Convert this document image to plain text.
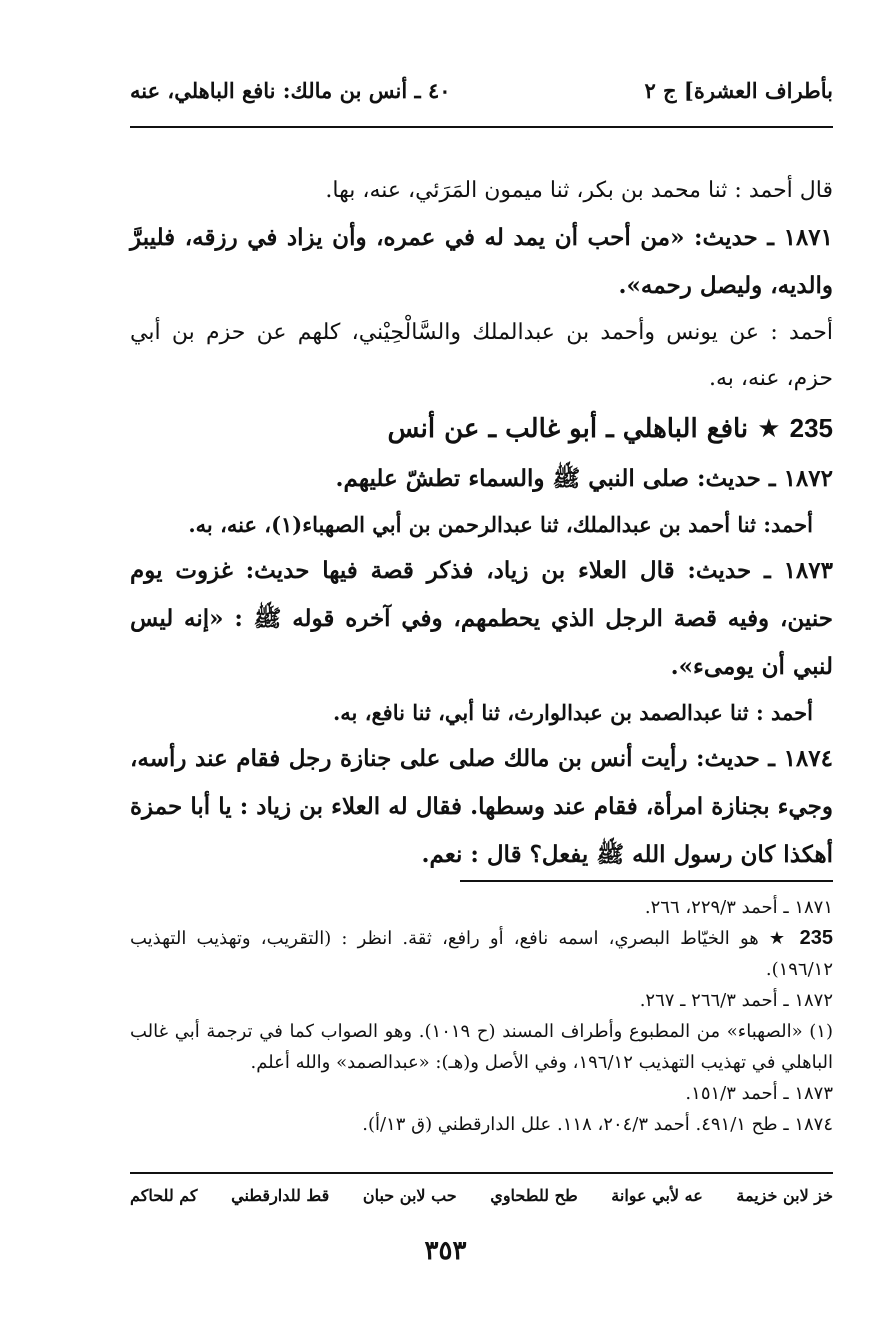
بأطراف العشرة] ج ٢
٤٠ ـ أنس بن مالك: نافع الباهلي، عنه

قال أحمد : ثنا محمد بن بكر، ثنا ميمون المَرَئي، عنه، بها.

١٨٧١ ـ حديث: «من أحب أن يمد له في عمره، وأن يزاد في رزقه، فليبرَّ والديه، وليصل رحمه».

أحمد : عن يونس وأحمد بن عبدالملك والسَّالْحِيْني، كلهم عن حزم بن أبي حزم، عنه، به.

235 ★ نافع الباهلي ـ أبو غالب ـ عن أنس

١٨٧٢ ـ حديث: صلى النبي ﷺ والسماء تطشّ عليهم.

أحمد: ثنا أحمد بن عبدالملك، ثنا عبدالرحمن بن أبي الصهباء(١)، عنه، به.

١٨٧٣ ـ حديث: قال العلاء بن زياد، فذكر قصة فيها حديث: غزوت يوم حنين، وفيه قصة الرجل الذي يحطمهم، وفي آخره قوله ﷺ : «إنه ليس لنبي أن يومىء».

أحمد : ثنا عبدالصمد بن عبدالوارث، ثنا أبي، ثنا نافع، به.

١٨٧٤ ـ حديث: رأيت أنس بن مالك صلى على جنازة رجل فقام عند رأسه، وجيء بجنازة امرأة، فقام عند وسطها. فقال له العلاء بن زياد : يا أبا حمزة أهكذا كان رسول الله ﷺ يفعل؟ قال : نعم.

١٨٧١ ـ أحمد ٢٢٩/٣، ٢٦٦.

235 ★ هو الخيّاط البصري، اسمه نافع، أو رافع، ثقة. انظر : (التقريب، وتهذيب التهذيب ١٩٦/١٢).

١٨٧٢ ـ أحمد ٢٦٦/٣ ـ ٢٦٧.

(١) «الصهباء» من المطبوع وأطراف المسند (ح ١٠١٩). وهو الصواب كما في ترجمة أبي غالب الباهلي في تهذيب التهذيب ١٩٦/١٢، وفي الأصل و(هـ): «عبدالصمد» والله أعلم.

١٨٧٣ ـ أحمد ١٥١/٣.

١٨٧٤ ـ طح ٤٩١/١. أحمد ٢٠٤/٣، ١١٨. علل الدارقطني (ق ١٣/أ).

خز لابن خزيمة
عه لأبي عوانة
طح للطحاوي
حب لابن حبان
قط للدارقطني
كم للحاكم
٣٥٣
